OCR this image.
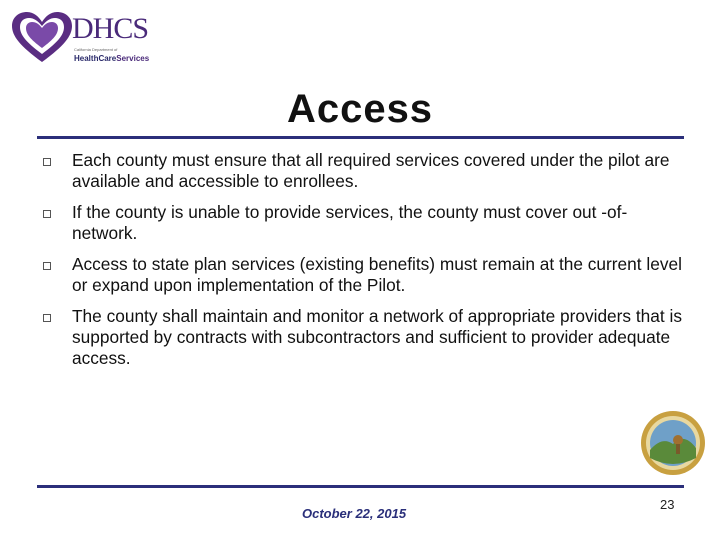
DHCS
California Department of
HealthCareServices
Access
Each county must ensure that all required services covered under the pilot are available and accessible to enrollees.
If the county is unable to provide services, the county must cover out -of-network.
Access to state plan services (existing benefits) must remain at the current level or expand upon implementation of the Pilot.
The county shall maintain and monitor a network of appropriate providers that is supported by contracts with subcontractors and sufficient to provider adequate access.
October 22, 2015
23
